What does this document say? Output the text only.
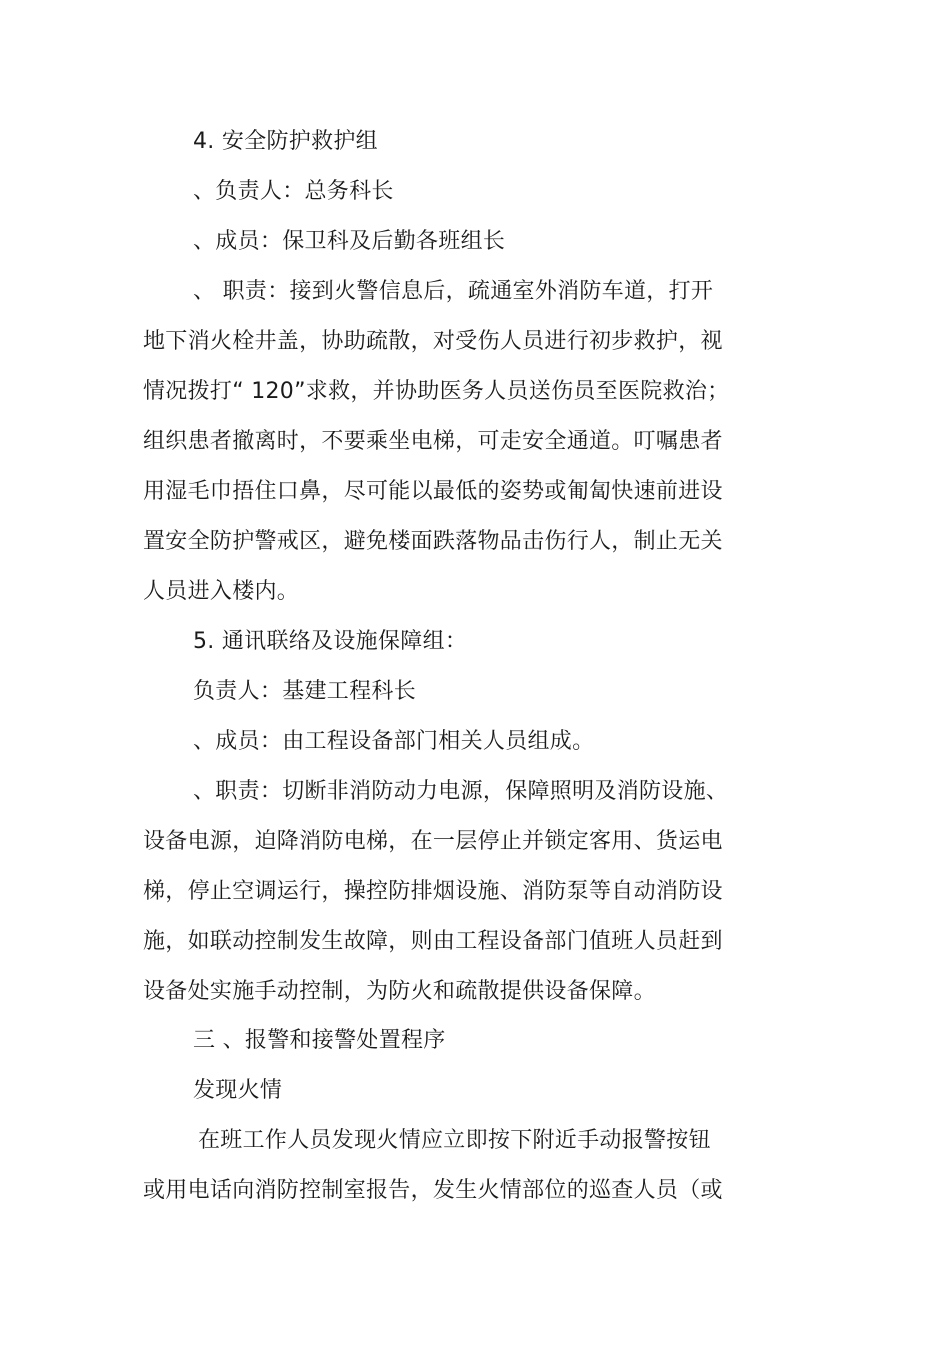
4. 安全防护救护组
、负责人：总务科长
、成员：保卫科及后勤各班组长
、 职责：接到火警信息后，疏通室外消防车道，打开
地下消火栓井盖，协助疏散，对受伤人员进行初步救护，视
情况拨打“ 120”求救，并协助医务人员送伤员至医院救治；
组织患者撤离时，不要乘坐电梯，可走安全通道。叮嘱患者
用湿毛巾捂住口鼻，尽可能以最低的姿势或匍匐快速前进设
置安全防护警戒区，避免楼面跌落物品击伤行人，制止无关
人员进入楼内。
5. 通讯联络及设施保障组：
负责人：基建工程科长
、成员：由工程设备部门相关人员组成。
、职责：切断非消防动力电源，保障照明及消防设施、
设备电源，迫降消防电梯，在一层停止并锁定客用、货运电
梯，停止空调运行，操控防排烟设施、消防泵等自动消防设
施，如联动控制发生故障，则由工程设备部门值班人员赶到
设备处实施手动控制，为防火和疏散提供设备保障。
三 、报警和接警处置程序
发现火情
在班工作人员发现火情应立即按下附近手动报警按钮
或用电话向消防控制室报告，发生火情部位的巡查人员（或
